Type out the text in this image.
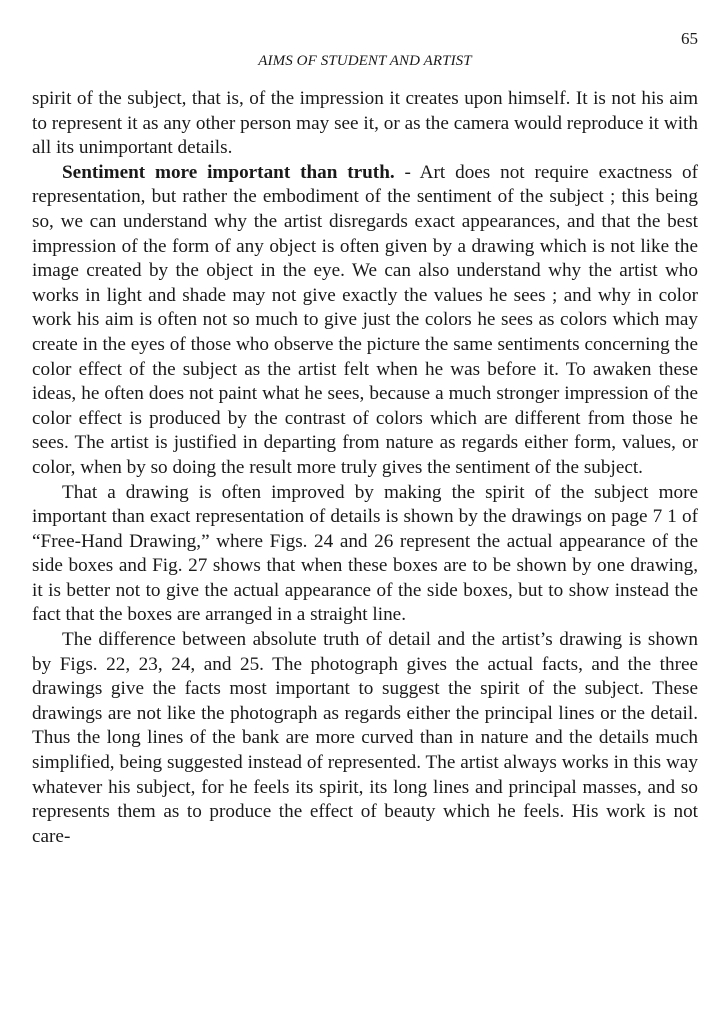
65
AIMS OF STUDENT AND ARTIST

spirit of the subject, that is, of the impression it creates upon himself. It is not his aim to represent it as any other person may see it, or as the camera would reproduce it with all its unimportant details.

Sentiment more important than truth. - Art does not require exactness of representation, but rather the embodiment of the sentiment of the subject ; this being so, we can understand why the artist disregards exact appearances, and that the best impression of the form of any object is often given by a drawing which is not like the image created by the object in the eye. We can also understand why the artist who works in light and shade may not give exactly the values he sees ; and why in color work his aim is often not so much to give just the colors he sees as colors which may create in the eyes of those who observe the picture the same sentiments concerning the color effect of the subject as the artist felt when he was before it. To awaken these ideas, he often does not paint what he sees, because a much stronger impression of the color effect is produced by the contrast of colors which are different from those he sees. The artist is justified in departing from nature as regards either form, values, or color, when by so doing the result more truly gives the sentiment of the subject.

That a drawing is often improved by making the spirit of the subject more important than exact representation of details is shown by the drawings on page 7 1 of “Free-Hand Drawing,” where Figs. 24 and 26 represent the actual appearance of the side boxes and Fig. 27 shows that when these boxes are to be shown by one drawing, it is better not to give the actual appearance of the side boxes, but to show instead the fact that the boxes are arranged in a straight line.

The difference between absolute truth of detail and the artist’s drawing is shown by Figs. 22, 23, 24, and 25. The photograph gives the actual facts, and the three drawings give the facts most important to suggest the spirit of the subject. These drawings are not like the photograph as regards either the principal lines or the detail. Thus the long lines of the bank are more curved than in nature and the details much simplified, being suggested instead of represented. The artist always works in this way whatever his subject, for he feels its spirit, its long lines and principal masses, and so represents them as to produce the effect of beauty which he feels. His work is not care-
